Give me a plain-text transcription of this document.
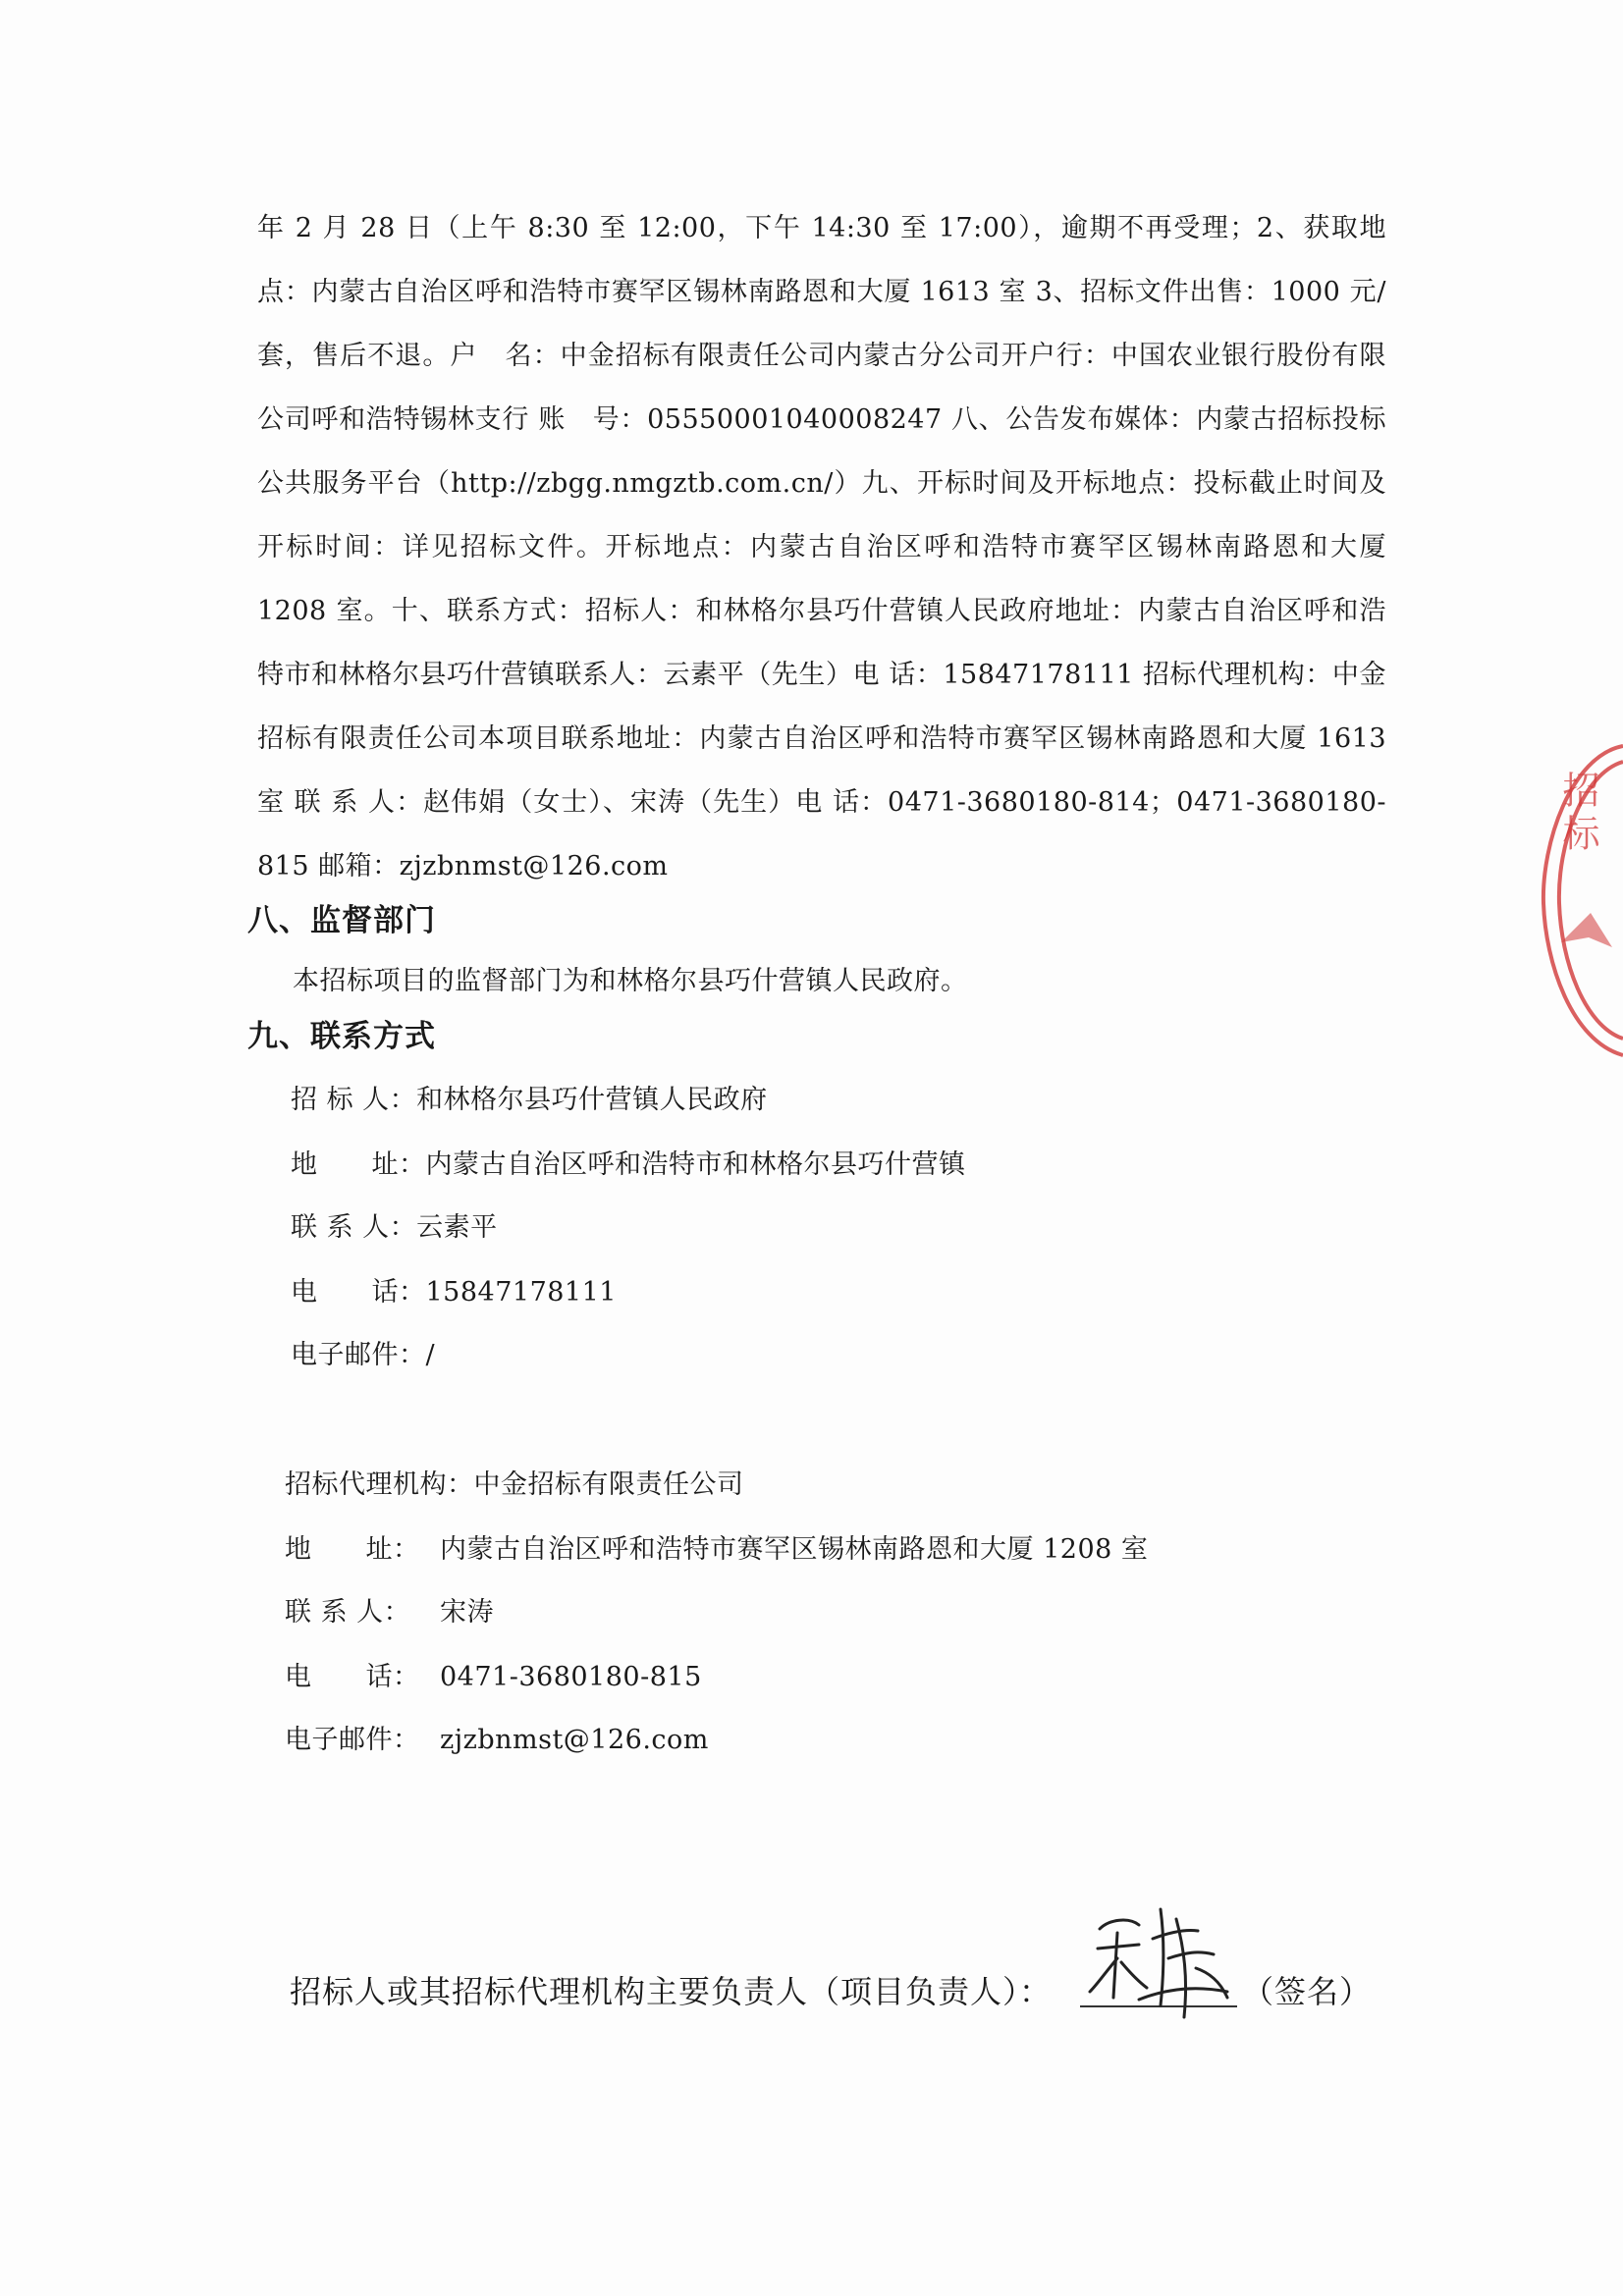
年 2 月 28 日（上午 8:30 至 12:00，下午 14:30 至 17:00），逾期不再受理；2、获取地点：内蒙古自治区呼和浩特市赛罕区锡林南路恩和大厦 1613 室 3、招标文件出售：1000 元/套，售后不退。户　名：中金招标有限责任公司内蒙古分公司开户行：中国农业银行股份有限公司呼和浩特锡林支行 账　号：05550001040008247 八、公告发布媒体：内蒙古招标投标公共服务平台（http://zbgg.nmgztb.com.cn/）九、开标时间及开标地点：投标截止时间及开标时间：详见招标文件。开标地点：内蒙古自治区呼和浩特市赛罕区锡林南路恩和大厦 1208 室。十、联系方式：招标人：和林格尔县巧什营镇人民政府地址：内蒙古自治区呼和浩特市和林格尔县巧什营镇联系人：云素平（先生）电 话：15847178111 招标代理机构：中金招标有限责任公司本项目联系地址：内蒙古自治区呼和浩特市赛罕区锡林南路恩和大厦 1613 室 联 系 人：赵伟娟（女士）、宋涛（先生）电 话：0471-3680180-814；0471-3680180-815 邮箱：zjzbnmst@126.com

八、监督部门

本招标项目的监督部门为和林格尔县巧什营镇人民政府。

九、联系方式
招 标 人：和林格尔县巧什营镇人民政府
地　　址：内蒙古自治区呼和浩特市和林格尔县巧什营镇
联 系 人：云素平
电　　话：15847178111
电子邮件：/
招标代理机构：中金招标有限责任公司
地　　址： 内蒙古自治区呼和浩特市赛罕区锡林南路恩和大厦 1208 室
联 系 人： 宋涛
电　　话： 0471-3680180-815
电子邮件： zjzbnmst@126.com
招标人或其招标代理机构主要负责人（项目负责人）：	（签名）
招标
